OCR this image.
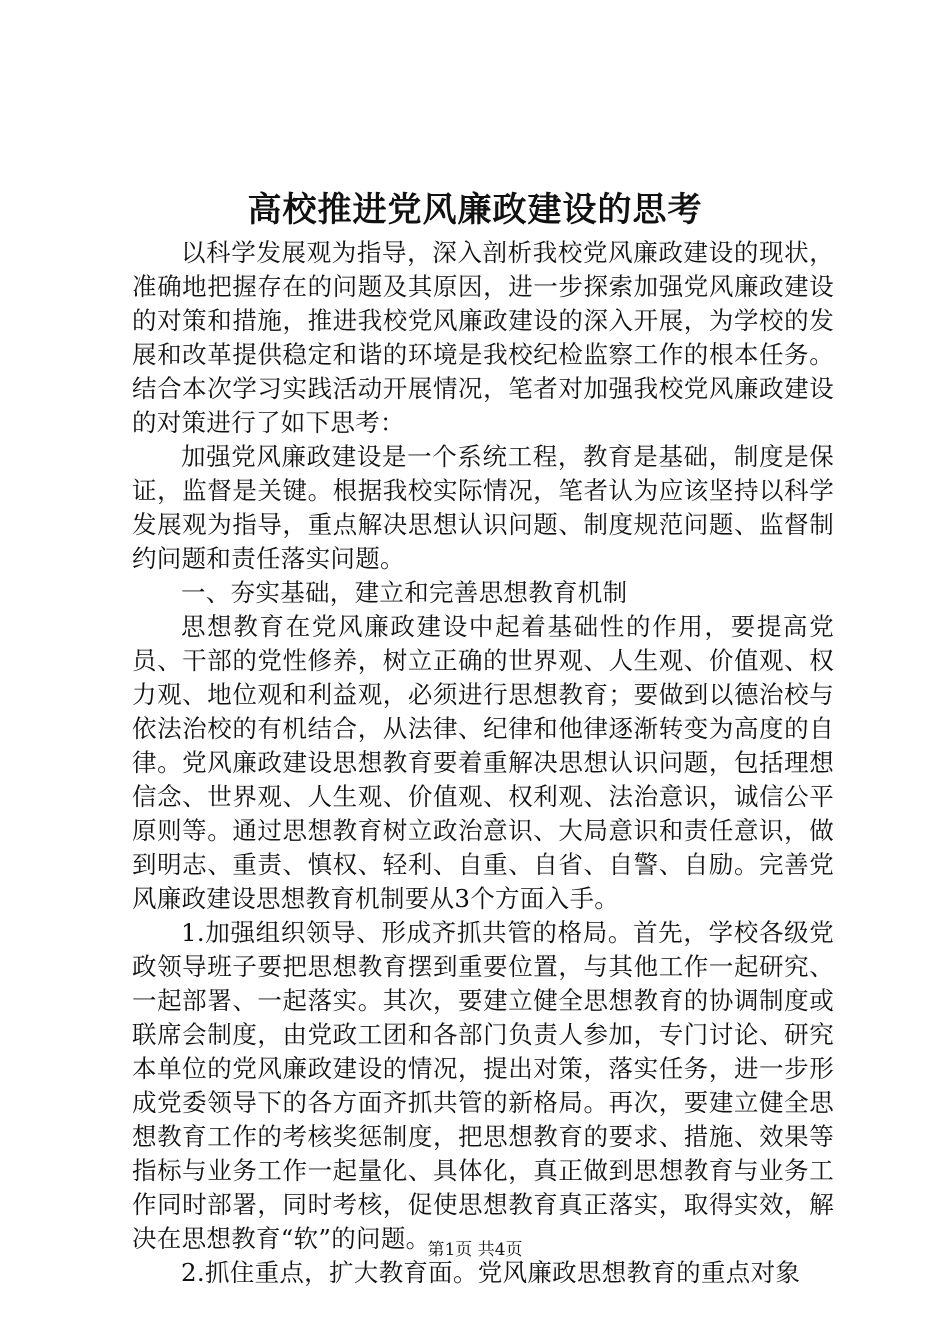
高校推进党风廉政建设的思考

以科学发展观为指导，深入剖析我校党风廉政建设的现状，准确地把握存在的问题及其原因，进一步探索加强党风廉政建设的对策和措施，推进我校党风廉政建设的深入开展，为学校的发展和改革提供稳定和谐的环境是我校纪检监察工作的根本任务。结合本次学习实践活动开展情况，笔者对加强我校党风廉政建设的对策进行了如下思考：

加强党风廉政建设是一个系统工程，教育是基础，制度是保证，监督是关键。根据我校实际情况，笔者认为应该坚持以科学发展观为指导，重点解决思想认识问题、制度规范问题、监督制约问题和责任落实问题。

一、夯实基础，建立和完善思想教育机制

思想教育在党风廉政建设中起着基础性的作用，要提高党员、干部的党性修养，树立正确的世界观、人生观、价值观、权力观、地位观和利益观，必须进行思想教育；要做到以德治校与依法治校的有机结合，从法律、纪律和他律逐渐转变为高度的自律。党风廉政建设思想教育要着重解决思想认识问题，包括理想信念、世界观、人生观、价值观、权利观、法治意识，诚信公平原则等。通过思想教育树立政治意识、大局意识和责任意识，做到明志、重责、慎权、轻利、自重、自省、自警、自励。完善党风廉政建设思想教育机制要从3个方面入手。

1.加强组织领导、形成齐抓共管的格局。首先，学校各级党政领导班子要把思想教育摆到重要位置，与其他工作一起研究、一起部署、一起落实。其次，要建立健全思想教育的协调制度或联席会制度，由党政工团和各部门负责人参加，专门讨论、研究本单位的党风廉政建设的情况，提出对策，落实任务，进一步形成党委领导下的各方面齐抓共管的新格局。再次，要建立健全思想教育工作的考核奖惩制度，把思想教育的要求、措施、效果等指标与业务工作一起量化、具体化，真正做到思想教育与业务工作同时部署，同时考核，促使思想教育真正落实，取得实效，解决在思想教育“软”的问题。

2.抓住重点，扩大教育面。党风廉政思想教育的重点对象

第1页 共4页
